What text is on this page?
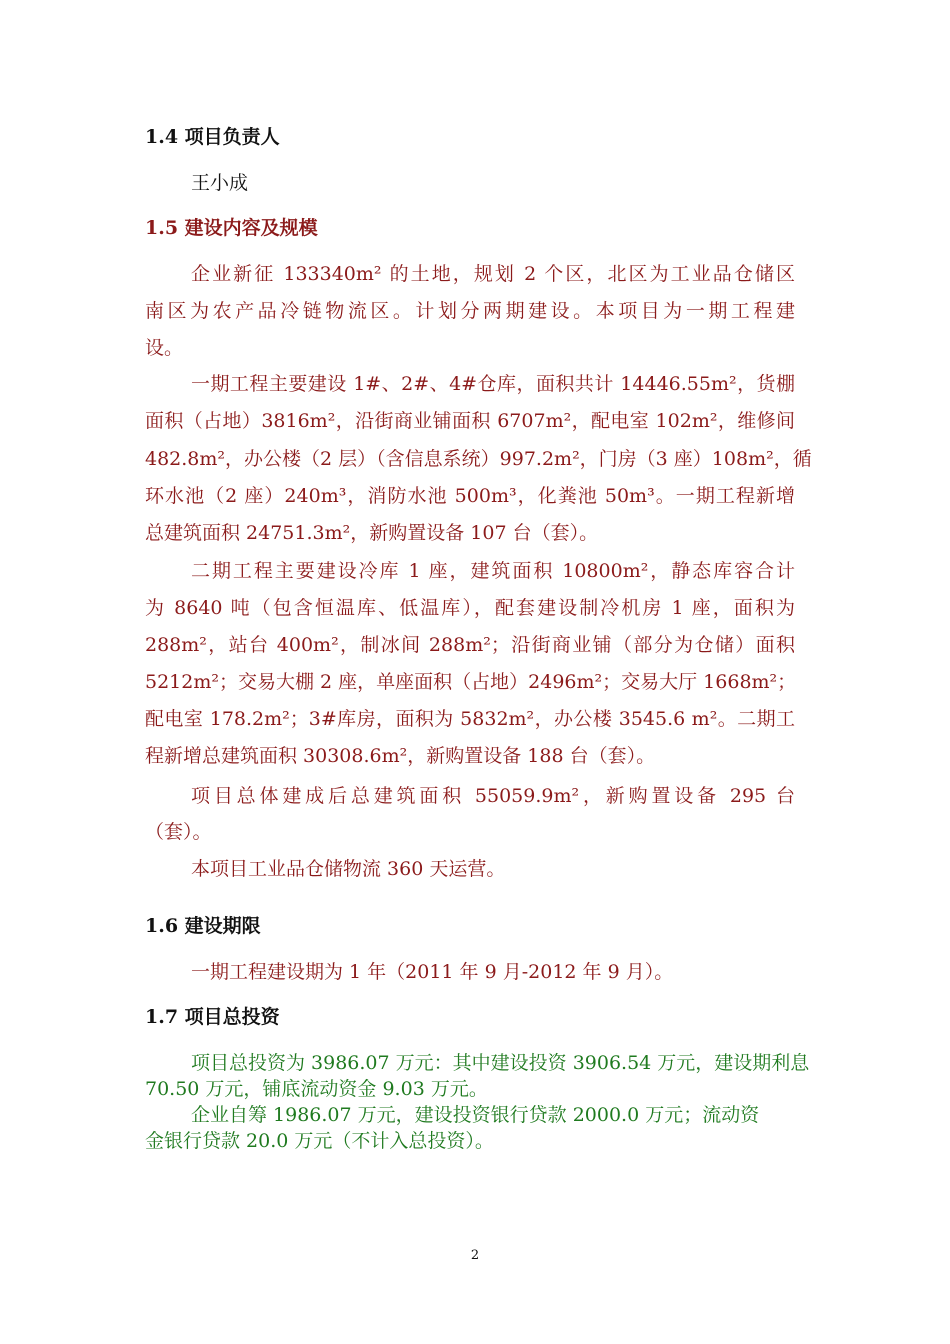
1.4 项目负责人
王小成
1.5 建设内容及规模
企业新征 133340m² 的土地，规划 2 个区，北区为工业品仓储区
南区为农产品冷链物流区。计划分两期建设。本项目为一期工程建
设。
一期工程主要建设 1#、2#、4#仓库，面积共计 14446.55m²，货棚
面积（占地）3816m²，沿街商业铺面积 6707m²，配电室 102m²，维修间
482.8m²，办公楼（2 层）（含信息系统）997.2m²，门房（3 座）108m²，循
环水池（2 座）240m³，消防水池 500m³，化粪池 50m³。一期工程新增
总建筑面积 24751.3m²，新购置设备 107 台（套）。
二期工程主要建设冷库 1 座，建筑面积 10800m²，静态库容合计
为 8640 吨（包含恒温库、低温库），配套建设制冷机房 1 座，面积为
288m²，站台 400m²，制冰间 288m²；沿街商业铺（部分为仓储）面积
5212m²；交易大棚 2 座，单座面积（占地）2496m²；交易大厅 1668m²；
配电室 178.2m²；3#库房，面积为 5832m²，办公楼 3545.6 m²。二期工
程新增总建筑面积 30308.6m²，新购置设备 188 台（套）。
项目总体建成后总建筑面积 55059.9m²，新购置设备 295 台
（套）。
本项目工业品仓储物流 360 天运营。
1.6 建设期限
一期工程建设期为 1 年（2011 年 9 月-2012 年 9 月）。
1.7 项目总投资
项目总投资为 3986.07 万元：其中建设投资 3906.54 万元，建设期利息
70.50 万元，铺底流动资金 9.03 万元。
企业自筹 1986.07 万元，建设投资银行贷款 2000.0 万元；流动资
金银行贷款 20.0 万元（不计入总投资）。
2
